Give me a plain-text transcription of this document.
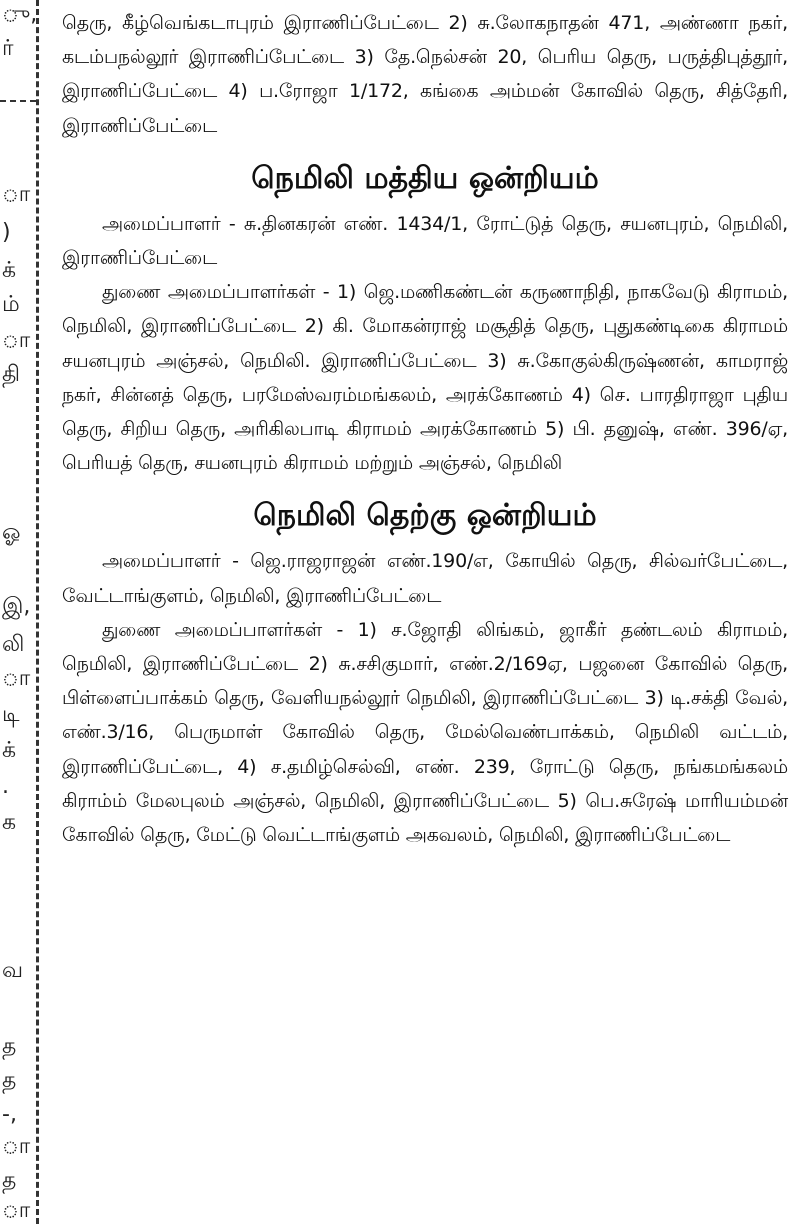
ு,
ர்
ா
)
க்
ம்
ா
தி
ஓ
இ,
லி
ா
டி
க்
.
க
வ
த
த
-,
ா
த
ா

தெரு, கீழ்வெங்கடாபுரம் இராணிப்பேட்டை 2) சு.லோகநாதன் 471, அண்ணா நகர், கடம்பநல்லூர் இராணிப்பேட்டை 3) தே.நெல்சன் 20, பெரிய தெரு, பருத்திபுத்தூர், இராணிப்பேட்டை 4) ப.ரோஜா 1/172, கங்கை அம்மன் கோவில் தெரு, சித்தேரி, இராணிப்பேட்டை

நெமிலி மத்திய ஒன்றியம்

அமைப்பாளர் - சு.தினகரன் எண். 1434/1, ரோட்டுத் தெரு, சயனபுரம், நெமிலி, இராணிப்பேட்டை

துணை அமைப்பாளர்கள் - 1) ஜெ.மணிகண்டன் கருணாநிதி, நாகவேடு கிராமம், நெமிலி, இராணிப்பேட்டை 2) கி. மோகன்ராஜ் மசூதித் தெரு, புதுகண்டிகை கிராமம் சயனபுரம் அஞ்சல், நெமிலி. இராணிப்பேட்டை 3) சு.கோகுல்கிருஷ்ணன், காமராஜ் நகர், சின்னத் தெரு, பரமேஸ்வரம்மங்கலம், அரக்கோணம் 4) செ. பாரதிராஜா புதிய தெரு, சிறிய தெரு, அரிகிலபாடி கிராமம் அரக்கோணம் 5) பி. தனுஷ், எண். 396/ஏ, பெரியத் தெரு, சயனபுரம் கிராமம் மற்றும் அஞ்சல், நெமிலி

நெமிலி தெற்கு ஒன்றியம்

அமைப்பாளர் - ஜெ.ராஜராஜன் எண்.190/எ, கோயில் தெரு, சில்வர்பேட்டை, வேட்டாங்குளம், நெமிலி, இராணிப்பேட்டை

துணை அமைப்பாளர்கள் - 1) ச.ஜோதி லிங்கம், ஜாகீர் தண்டலம் கிராமம், நெமிலி, இராணிப்பேட்டை 2) சு.சசிகுமார், எண்.2/169ஏ, பஜனை கோவில் தெரு, பிள்ளைப்பாக்கம் தெரு, வேளியநல்லூர் நெமிலி, இராணிப்பேட்டை 3) டி.சக்தி வேல், எண்.3/16, பெருமாள் கோவில் தெரு, மேல்வெண்பாக்கம், நெமிலி வட்டம், இராணிப்பேட்டை, 4) ச.தமிழ்செல்வி, எண். 239, ரோட்டு தெரு, நங்கமங்கலம் கிராம்ம் மேலபுலம் அஞ்சல், நெமிலி, இராணிப்பேட்டை 5) பெ.சுரேஷ் மாரியம்மன் கோவில் தெரு, மேட்டு வெட்டாங்குளம் அகவலம், நெமிலி, இராணிப்பேட்டை
